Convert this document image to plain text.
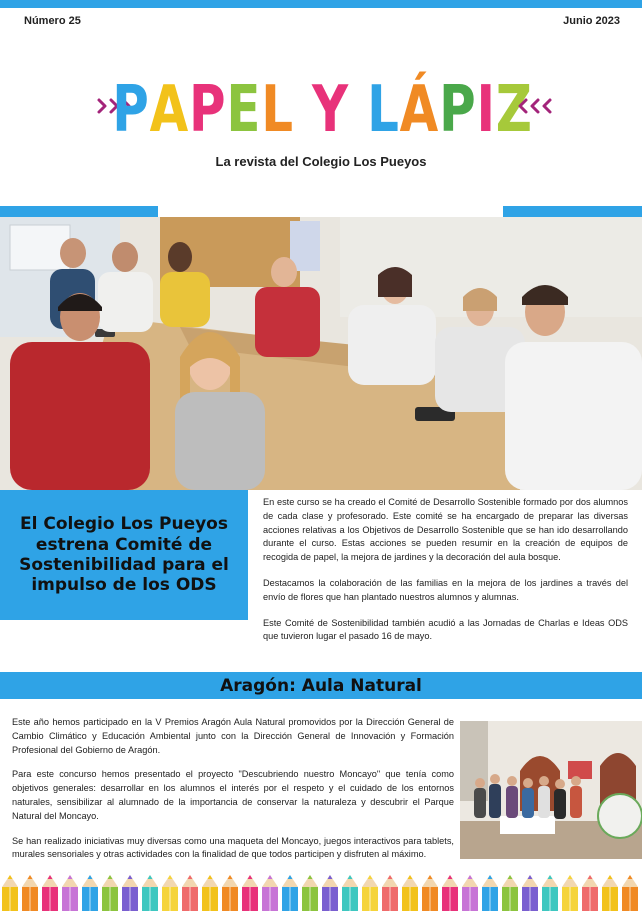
Número 25	Junio 2023
P A P E L
Y
L Á P I Z
La revista del Colegio Los Pueyos
El Colegio Los Pueyos estrena Comité de Sostenibilidad para el impulso de los ODS

En este curso se ha creado el Comité de Desarrollo Sostenible formado por dos alumnos de cada clase y profesorado. Este comité se ha encargado de preparar las diversas acciones relativas a los Objetivos de Desarrollo Sostenible que se han ido desarrollando durante el curso. Estas acciones se pueden resumir en la creación de equipos de recogida de papel, la mejora de jardines y la decoración del aula bosque.

Destacamos la colaboración de las familias en la mejora de los jardines a través del envío de flores que han plantado nuestros alumnos y alumnas.

Este Comité de Sostenibilidad también acudió a las Jornadas de Charlas e Ideas ODS que tuvieron lugar el pasado 16 de mayo.

Aragón: Aula Natural

Este año hemos participado en la V Premios Aragón Aula Natural promovidos por la Dirección General de Cambio Climático y Educación Ambiental junto con la Dirección General de Innovación y Formación Profesional del Gobierno de Aragón.

Para este concurso hemos presentado el proyecto "Descubriendo nuestro Moncayo" que tenía como objetivos generales: desarrollar en los alumnos el interés por el respeto y el cuidado de los entornos naturales, sensibilizar al alumnado de la importancia de conservar la naturaleza y descubrir el Parque Natural del Moncayo.

Se han realizado iniciativas muy diversas como una maqueta del Moncayo, juegos interactivos para tablets, murales sensoriales y otras actividades con la finalidad de que todos participen y disfruten al máximo.
